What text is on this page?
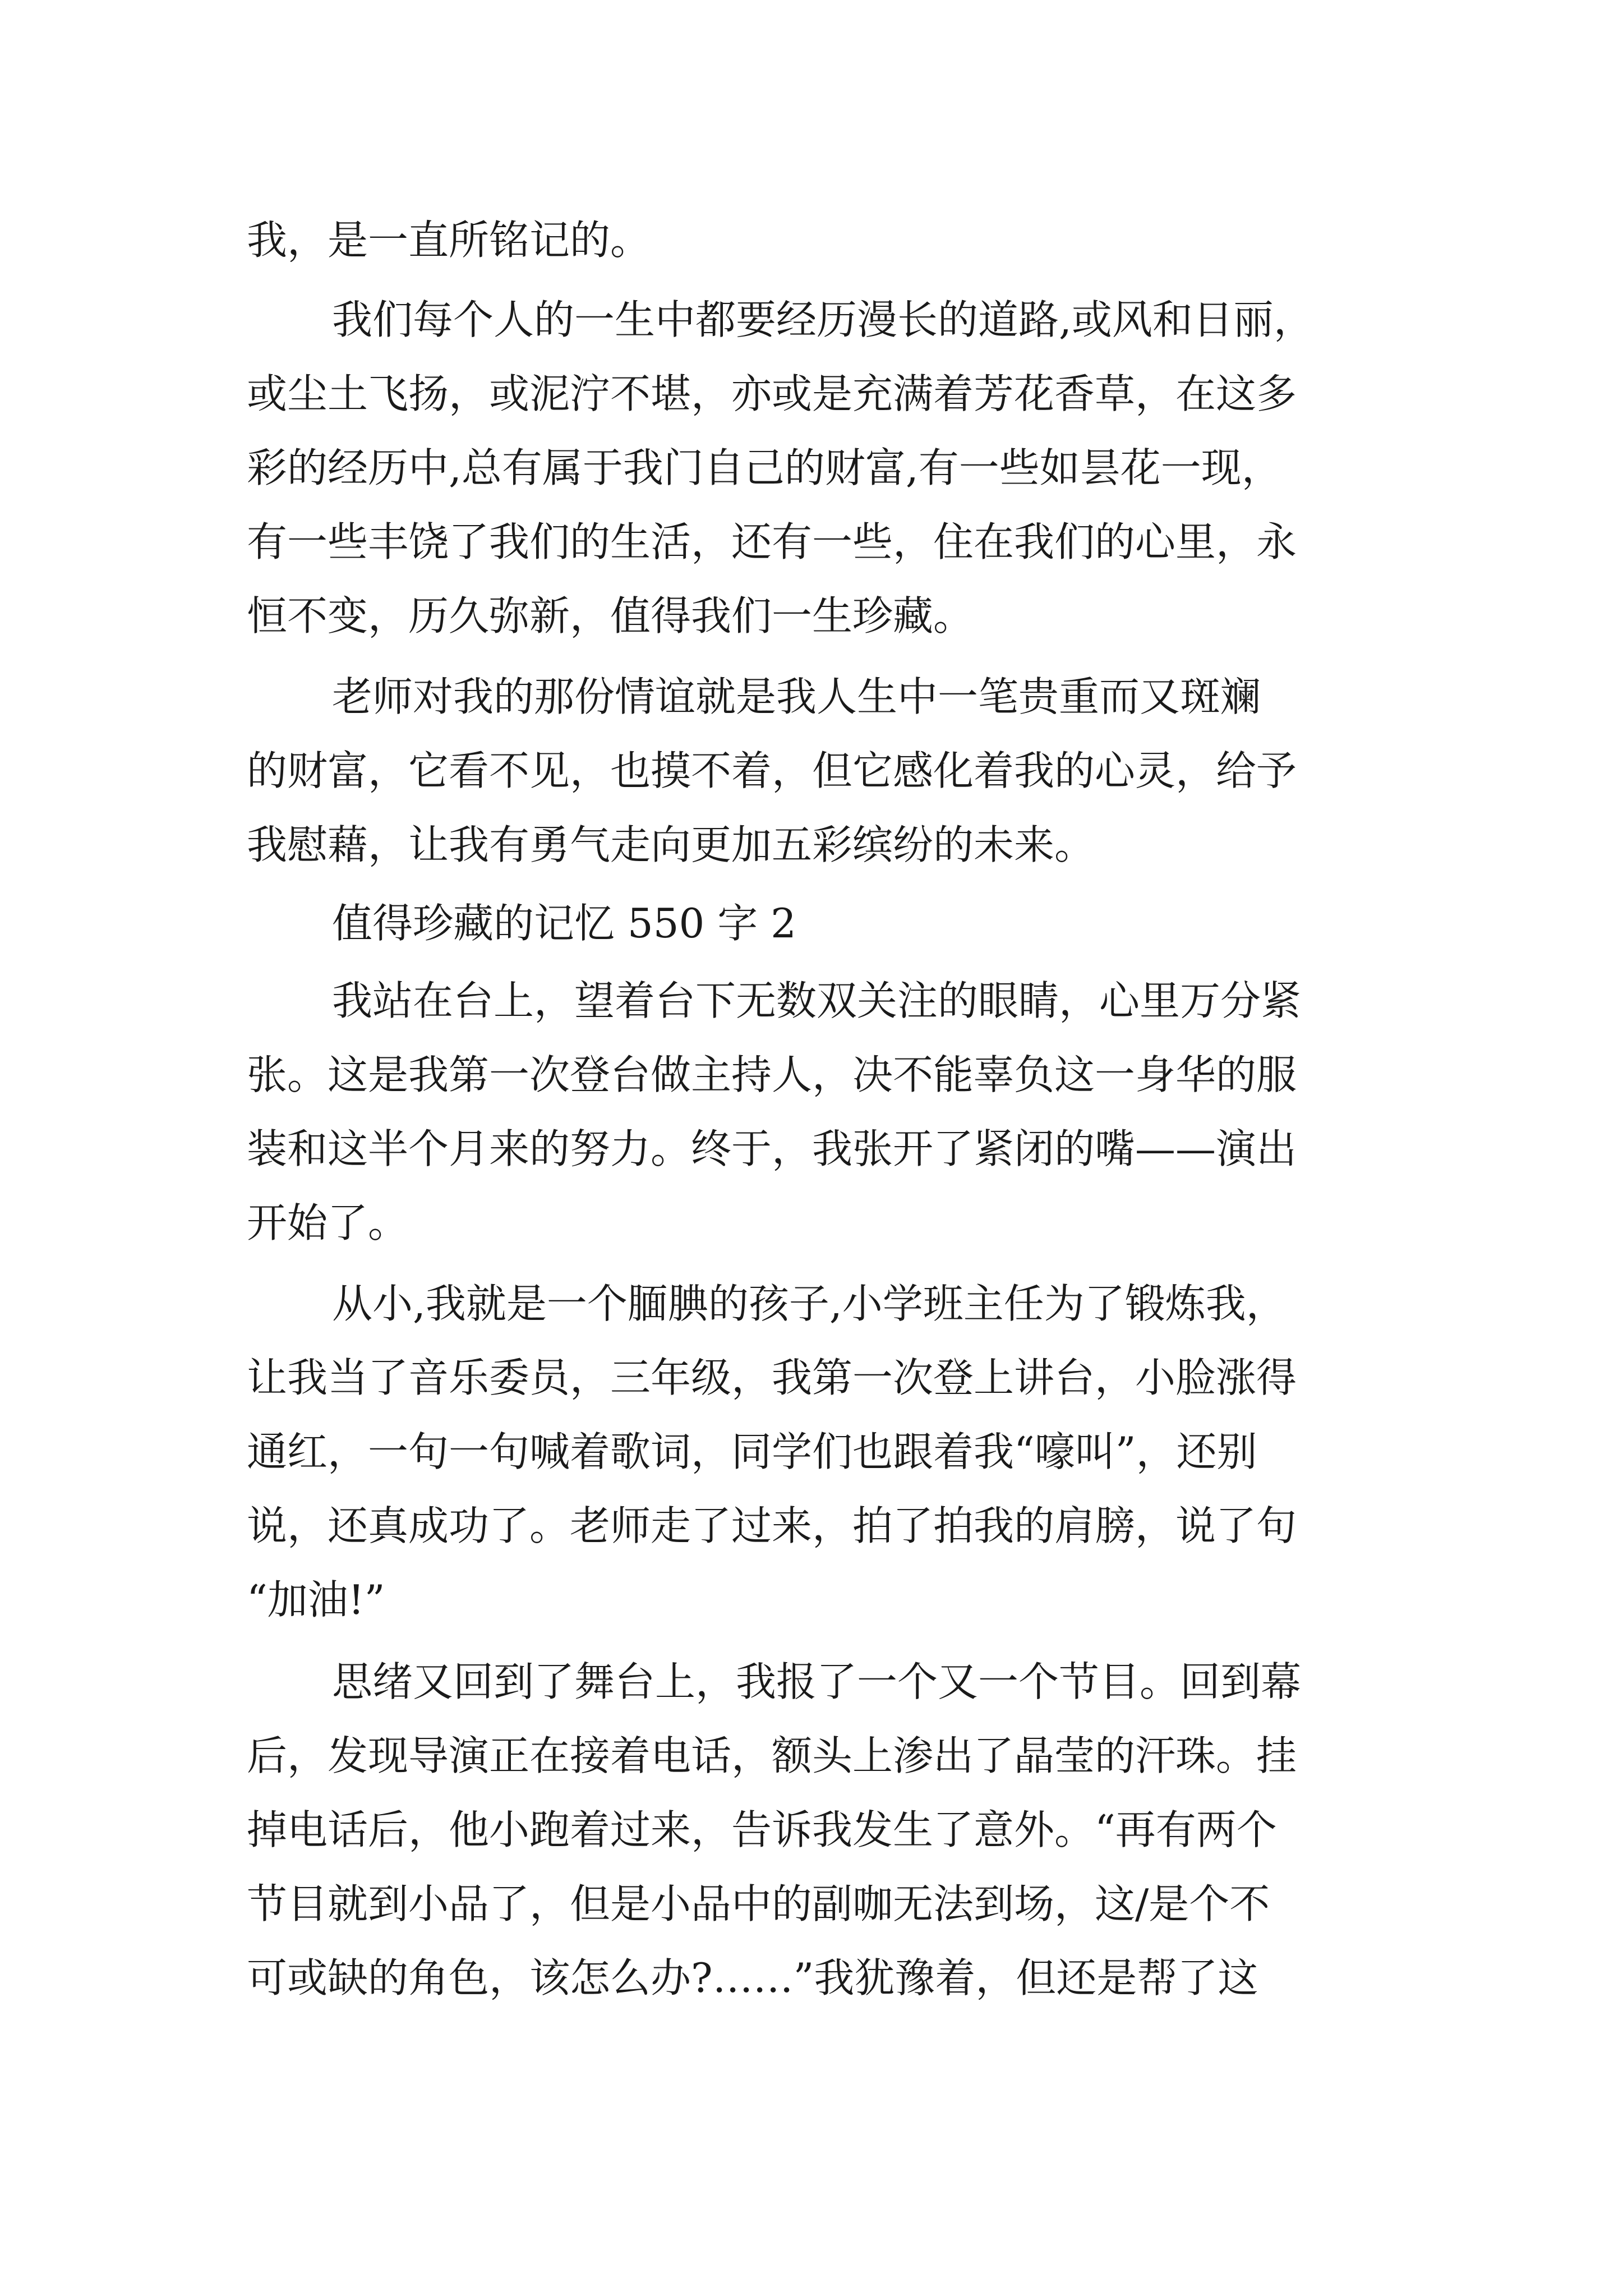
我，是一直所铭记的。
我们每个人的一生中都要经历漫长的道路,或风和日丽，
或尘土飞扬，或泥泞不堪，亦或是充满着芳花香草，在这多
彩的经历中,总有属于我门自己的财富,有一些如昙花一现，
有一些丰饶了我们的生活，还有一些，住在我们的心里，永
恒不变，历久弥新，值得我们一生珍藏。
老师对我的那份情谊就是我人生中一笔贵重而又斑斓
的财富，它看不见，也摸不着，但它感化着我的心灵，给予
我慰藉，让我有勇气走向更加五彩缤纷的未来。
值得珍藏的记忆 550 字 2
我站在台上，望着台下无数双关注的眼睛，心里万分紧
张。这是我第一次登台做主持人，决不能辜负这一身华的服
装和这半个月来的努力。终于，我张开了紧闭的嘴——演出
开始了。
从小,我就是一个腼腆的孩子,小学班主任为了锻炼我，
让我当了音乐委员，三年级，我第一次登上讲台，小脸涨得
通红，一句一句喊着歌词，同学们也跟着我“嚎叫”，还别
说，还真成功了。老师走了过来，拍了拍我的肩膀，说了句
“加油!”
思绪又回到了舞台上，我报了一个又一个节目。回到幕
后，发现导演正在接着电话，额头上渗出了晶莹的汗珠。挂
掉电话后，他小跑着过来，告诉我发生了意外。“再有两个
节目就到小品了，但是小品中的副咖无法到场，这/是个不
可或缺的角色，该怎么办?……”我犹豫着，但还是帮了这
